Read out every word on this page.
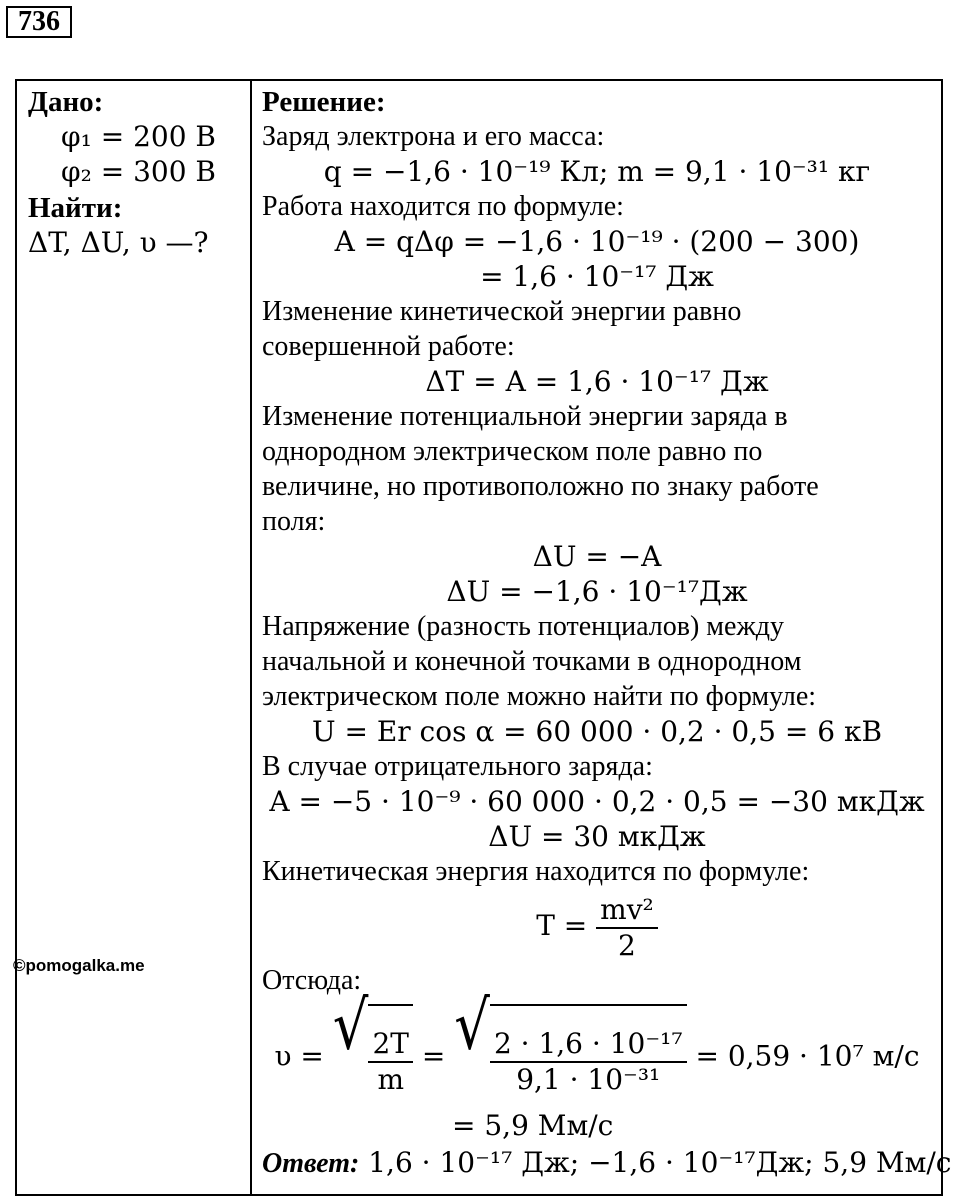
736
Дано:
φ₁ = 200 В
φ₂ = 300 В
Найти:
ΔT, ΔU, υ —?
Решение:
Заряд электрона и его масса:
q = −1,6 · 10⁻¹⁹ Кл; m = 9,1 · 10⁻³¹ кг
Работа находится по формуле:
A = qΔφ = −1,6 · 10⁻¹⁹ · (200 − 300)
= 1,6 · 10⁻¹⁷ Дж
Изменение кинетической энергии равно
совершенной работе:
ΔT = A = 1,6 · 10⁻¹⁷ Дж
Изменение потенциальной энергии заряда в
однородном электрическом поле равно по
величине, но противоположно по знаку работе
поля:
ΔU = −A
ΔU = −1,6 · 10⁻¹⁷Дж
Напряжение (разность потенциалов) между
начальной и конечной точками в однородном
электрическом поле можно найти по формуле:
U = Er cos α = 60 000 · 0,2 · 0,5 = 6 кВ
В случае отрицательного заряда:
A = −5 · 10⁻⁹ · 60 000 · 0,2 · 0,5 = −30 мкДж
ΔU = 30 мкДж
Кинетическая энергия находится по формуле:
$T = \frac{\text{mv²}}{2}$
Отсюда:
υ = √ $\frac{2T}{m}$ = √ $\frac{\text{2 · 1,6 · 10⁻¹⁷}}{\text{9,1 · 10⁻³¹}} = 0,59 \cdot 10^7$ м/с
= 5,9 Мм/с
Ответ: 1,6 · 10⁻¹⁷ Дж; −1,6 · 10⁻¹⁷Дж; 5,9 Мм/с
©pomogalka.me
